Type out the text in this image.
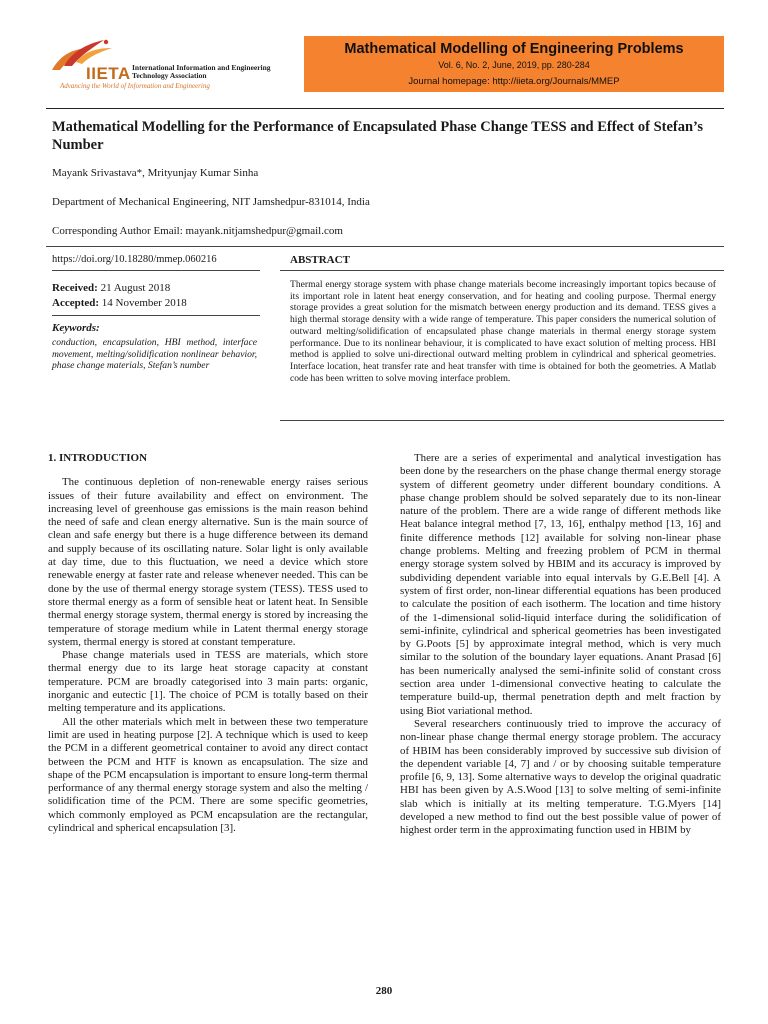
IIETA International Information and Engineering Technology Association
Advancing the World of Information and Engineering
Mathematical Modelling of Engineering Problems
Vol. 6, No. 2, June, 2019, pp. 280-284
Journal homepage: http://iieta.org/Journals/MMEP
Mathematical Modelling for the Performance of Encapsulated Phase Change TESS and Effect of Stefan’s Number
Mayank Srivastava*, Mrityunjay Kumar Sinha
Department of Mechanical Engineering, NIT Jamshedpur-831014, India
Corresponding Author Email: mayank.nitjamshedpur@gmail.com
https://doi.org/10.18280/mmep.060216	ABSTRACT
Received: 21 August 2018
Accepted: 14 November 2018
Keywords:
conduction, encapsulation, HBI method, interface movement, melting/solidification nonlinear behavior, phase change materials, Stefan’s number
Thermal energy storage system with phase change materials become increasingly important topics because of its important role in latent heat energy conservation, and for heating and cooling purpose. Thermal energy storage provides a great solution for the mismatch between energy production and its demand. TESS gives a high thermal storage density with a wide range of temperature. This paper considers the numerical solution of outward melting/solidification of encapsulated phase change materials in thermal energy storage system performance. Due to its nonlinear behaviour, it is complicated to have exact solution of melting process. HBI method is applied to solve uni-directional outward melting problem in cylindrical and spherical geometries. Interface location, heat transfer rate and heat transfer with time is obtained for both the geometries. A Matlab code has been written to solve moving interface problem.
1. INTRODUCTION

The continuous depletion of non-renewable energy raises serious issues of their future availability and effect on environment. The increasing level of greenhouse gas emissions is the main reason behind the need of safe and clean energy alternative. Sun is the main source of clean and safe energy but there is a huge difference between its demand and supply because of its oscillating nature. Solar light is only available at day time, due to this fluctuation, we need a device which store renewable energy at faster rate and release whenever needed. This can be done by the use of thermal energy storage system (TESS). TESS used to store thermal energy as a form of sensible heat or latent heat. In Sensible thermal energy storage system, thermal energy is stored by increasing the temperature of storage medium while in Latent thermal energy storage system, thermal energy is stored at constant temperature.

Phase change materials used in TESS are materials, which store thermal energy due to its large heat storage capacity at constant temperature. PCM are broadly categorised into 3 main parts: organic, inorganic and eutectic [1]. The choice of PCM is totally based on their melting temperature and its applications.

All the other materials which melt in between these two temperature limit are used in heating purpose [2]. A technique which is used to keep the PCM in a different geometrical container to avoid any direct contact between the PCM and HTF is known as encapsulation. The size and shape of the PCM encapsulation is important to ensure long-term thermal performance of any thermal energy storage system and also the melting / solidification time of the PCM. There are some specific geometries, which commonly employed as PCM encapsulation are the rectangular, cylindrical and spherical encapsulation [3].

There are a series of experimental and analytical investigation has been done by the researchers on the phase change thermal energy storage system of different geometry under different boundary conditions. A phase change problem should be solved separately due to its non-linear nature of the problem. There are a wide range of different methods like Heat balance integral method [7, 13, 16], enthalpy method [13, 16] and finite difference methods [12] available for solving non-linear phase change problems. Melting and freezing problem of PCM in thermal energy storage system solved by HBIM and its accuracy is improved by subdividing dependent variable into equal intervals by G.E.Bell [4]. A system of first order, non-linear differential equations has been produced to calculate the position of each isotherm. The location and time history of the 1-dimensional solid-liquid interface during the solidification of semi-infinite, cylindrical and spherical geometries has been investigated by G.Poots [5] by approximate integral method, which is very much similar to the solution of the boundary layer equations. Anant Prasad [6] has been numerically analysed the semi-infinite solid of constant cross section area under 1-dimensional convective heating to calculate the temperature build-up, thermal penetration depth and melt fraction by using Biot variational method.

Several researchers continuously tried to improve the accuracy of non-linear phase change thermal energy storage problem. The accuracy of HBIM has been considerably improved by successive sub division of the dependent variable [4, 7] and / or by choosing suitable temperature profile [6, 9, 13]. Some alternative ways to develop the original quadratic HBI has been given by A.S.Wood [13] to solve melting of semi-infinite slab which is initially at its melting temperature. T.G.Myers [14] developed a new method to find out the best possible value of power of highest order term in the approximating function used in HBIM by

280
